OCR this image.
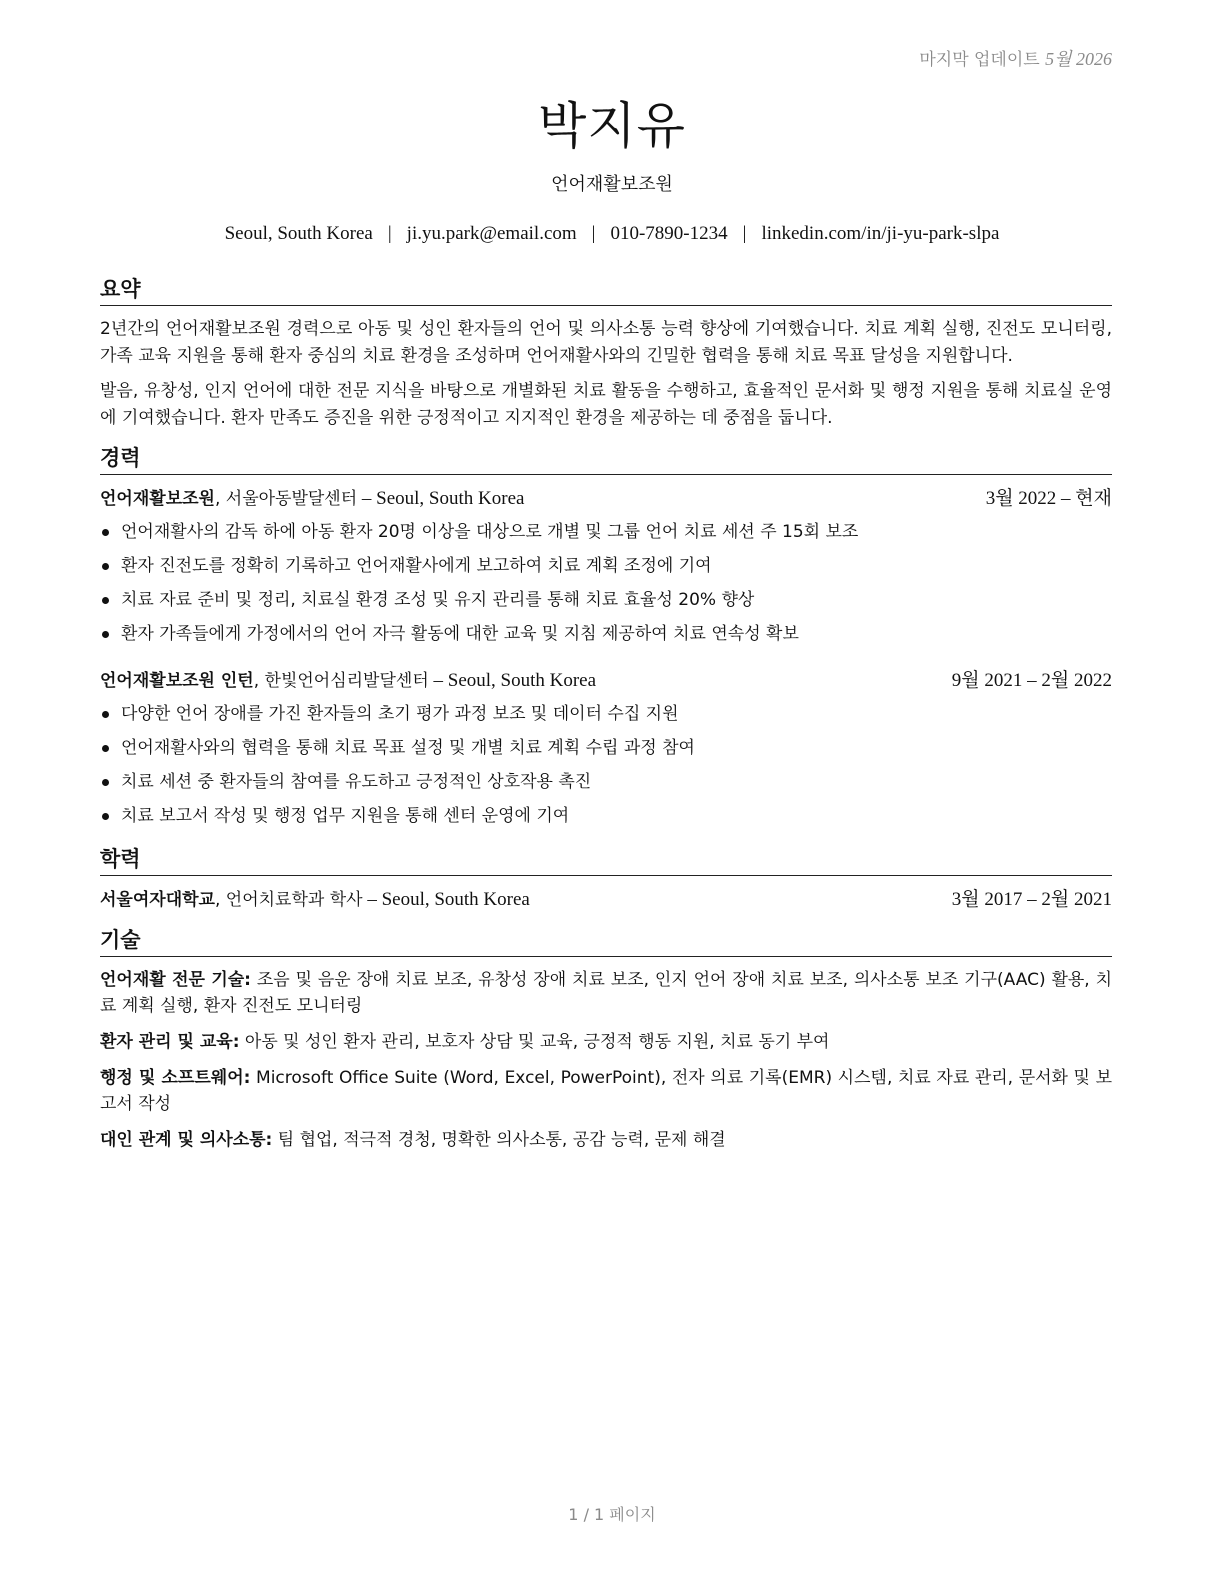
마지막 업데이트 5월 2026
박지유
언어재활보조원
Seoul, South Korea | ji.yu.park@email.com | 010-7890-1234 | linkedin.com/in/ji-yu-park-slpa
요약

2년간의 언어재활보조원 경력으로 아동 및 성인 환자들의 언어 및 의사소통 능력 향상에 기여했습니다. 치료 계획 실행, 진전도 모니터링, 가족 교육 지원을 통해 환자 중심의 치료 환경을 조성하며 언어재활사와의 긴밀한 협력을 통해 치료 목표 달성을 지원합니다.

발음, 유창성, 인지 언어에 대한 전문 지식을 바탕으로 개별화된 치료 활동을 수행하고, 효율적인 문서화 및 행정 지원을 통해 치료실 운영에 기여했습니다. 환자 만족도 증진을 위한 긍정적이고 지지적인 환경을 제공하는 데 중점을 둡니다.

경력
언어재활보조원, 서울아동발달센터 – Seoul, South Korea	3월 2022 – 현재
언어재활사의 감독 하에 아동 환자 20명 이상을 대상으로 개별 및 그룹 언어 치료 세션 주 15회 보조
환자 진전도를 정확히 기록하고 언어재활사에게 보고하여 치료 계획 조정에 기여
치료 자료 준비 및 정리, 치료실 환경 조성 및 유지 관리를 통해 치료 효율성 20% 향상
환자 가족들에게 가정에서의 언어 자극 활동에 대한 교육 및 지침 제공하여 치료 연속성 확보
언어재활보조원 인턴, 한빛언어심리발달센터 – Seoul, South Korea	9월 2021 – 2월 2022
다양한 언어 장애를 가진 환자들의 초기 평가 과정 보조 및 데이터 수집 지원
언어재활사와의 협력을 통해 치료 목표 설정 및 개별 치료 계획 수립 과정 참여
치료 세션 중 환자들의 참여를 유도하고 긍정적인 상호작용 촉진
치료 보고서 작성 및 행정 업무 지원을 통해 센터 운영에 기여
학력
서울여자대학교, 언어치료학과 학사 – Seoul, South Korea	3월 2017 – 2월 2021
기술

언어재활 전문 기술: 조음 및 음운 장애 치료 보조, 유창성 장애 치료 보조, 인지 언어 장애 치료 보조, 의사소통 보조 기구(AAC) 활용, 치료 계획 실행, 환자 진전도 모니터링

환자 관리 및 교육: 아동 및 성인 환자 관리, 보호자 상담 및 교육, 긍정적 행동 지원, 치료 동기 부여

행정 및 소프트웨어: Microsoft Office Suite (Word, Excel, PowerPoint), 전자 의료 기록(EMR) 시스템, 치료 자료 관리, 문서화 및 보고서 작성

대인 관계 및 의사소통: 팀 협업, 적극적 경청, 명확한 의사소통, 공감 능력, 문제 해결

1 / 1 페이지
